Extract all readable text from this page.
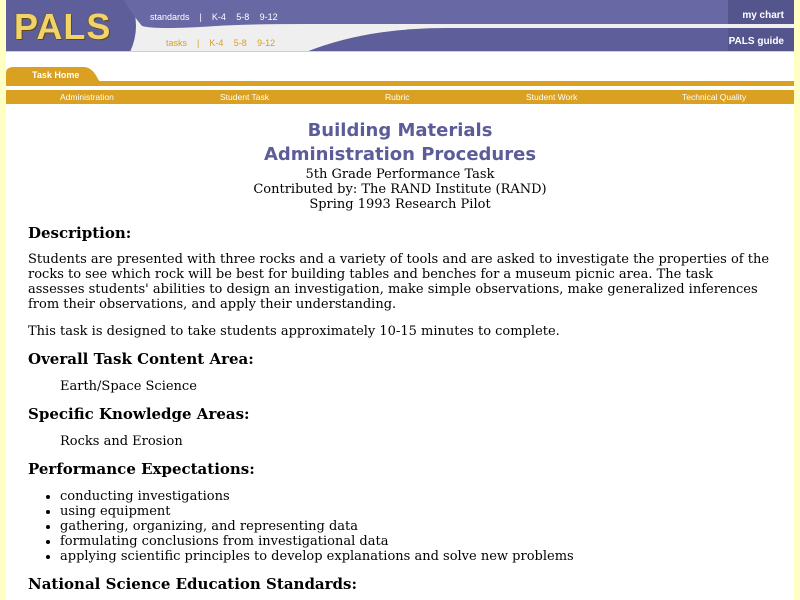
PALS	standards | K-4 5-8 9-12
tasks | K-4 5-8 9-12
my chart
PALS guide
Task Home
Administration	Student Task	Rubric	Student Work	Technical Quality
Building Materials
Administration Procedures
5th Grade Performance Task
Contributed by: The RAND Institute (RAND)
Spring 1993 Research Pilot
Description:

Students are presented with three rocks and a variety of tools and are asked to investigate the properties of the rocks to see which rock will be best for building tables and benches for a museum picnic area. The task assesses students' abilities to design an investigation, make simple observations, make generalized inferences from their observations, and apply their understanding.

This task is designed to take students approximately 10-15 minutes to complete.

Overall Task Content Area:
Earth/Space Science
Specific Knowledge Areas:
Rocks and Erosion
Performance Expectations:
• conducting investigations
• using equipment
• gathering, organizing, and representing data
• formulating conclusions from investigational data
• applying scientific principles to develop explanations and solve new problems
National Science Education Standards:
